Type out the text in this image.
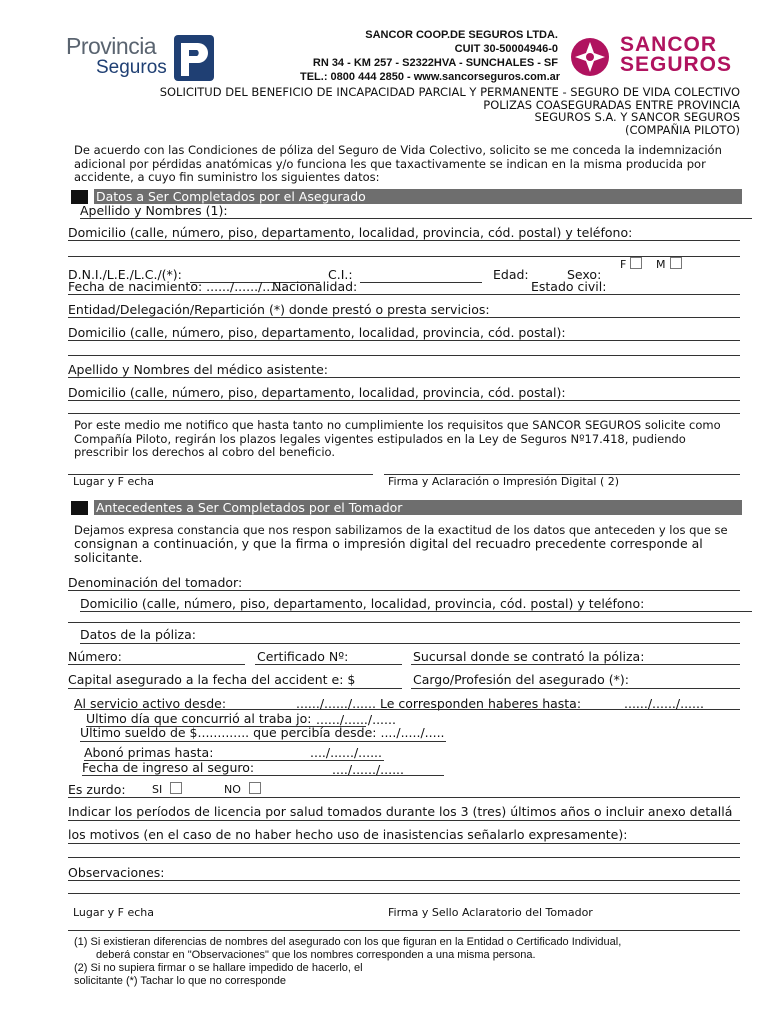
Provincia
Seguros
SANCOR COOP.DE SEGUROS LTDA.
CUIT 30-50004946-0
RN 34 - KM 257 - S2322HVA - SUNCHALES - SF
TEL.: 0800 444 2850 - www.sancorseguros.com.ar
SANCOR
SEGUROS
SOLICITUD DEL BENEFICIO DE INCAPACIDAD PARCIAL Y PERMANENTE - SEGURO DE VIDA COLECTIVO
POLIZAS COASEGURADAS ENTRE PROVINCIA
SEGUROS S.A. Y SANCOR SEGUROS
(COMPAÑIA PILOTO)
De acuerdo con las Condiciones de póliza del Seguro de Vida Colectivo, solicito se me conceda la indemnización
adicional por pérdidas anatómicas y/o funciona les que taxactivamente se indican en la misma producida por
accidente, a cuyo fin suministro los siguientes datos:
Datos a Ser Completados por el Asegurado
Apellido y Nombres (1):
Domicilio (calle, número, piso, departamento, localidad, provincia, cód. postal) y teléfono:
F	M
D.N.I./L.E./L.C./(*):	C.I.:	Edad:	Sexo:
Fecha de nacimiento: ....../....../......
Nacionalidad:	Estado civil:
Entidad/Delegación/Repartición (*) donde prestó o presta servicios:
Domicilio (calle, número, piso, departamento, localidad, provincia, cód. postal):
Apellido y Nombres del médico asistente:
Domicilio (calle, número, piso, departamento, localidad, provincia, cód. postal):
Por este medio me notifico que hasta tanto no cumplimiente los requisitos que SANCOR SEGUROS solicite como
Compañía Piloto, regirán los plazos legales vigentes estipulados en la Ley de Seguros Nº17.418, pudiendo
prescribir los derechos al cobro del beneficio.
Lugar y F echa	Firma y Aclaración o Impresión Digital ( 2)
Antecedentes a Ser Completados por el Tomador
Dejamos expresa constancia que nos respon sabilizamos de la exactitud de los datos que anteceden y los que se
consignan a continuación, y que la firma o impresión digital del recuadro precedente corresponde al
solicitante.
Denominación del tomador:
Domicilio (calle, número, piso, departamento, localidad, provincia, cód. postal) y teléfono:
Datos de la póliza:
Número:	Certificado Nº:	Sucursal donde se contrató la póliza:
Capital asegurado a la fecha del accident e: $	Cargo/Profesión del asegurado (*):
Al servicio activo desde:	....../....../...... Le corresponden haberes hasta:	....../....../......
Ultimo día que concurrió al traba jo: ....../....../......
Ultimo sueldo de $............. que percibía desde: ..../...../.....
Abonó primas hasta:	..../....../......
Fecha de ingreso al seguro:	..../....../......
Es zurdo: SI	NO
Indicar los períodos de licencia por salud tomados durante los 3 (tres) últimos años o incluir anexo detallá
los motivos (en el caso de no haber hecho uso de inasistencias señalarlo expresamente):
Observaciones:
Lugar y F echa	Firma y Sello Aclaratorio del Tomador
(1) Si existieran diferencias de nombres del asegurado con los que figuran en la Entidad o Certificado Individual,
deberá constar en "Observaciones" que los nombres corresponden a una misma persona.
(2) Si no supiera firmar o se hallare impedido de hacerlo, el
solicitante (*) Tachar lo que no corresponde
